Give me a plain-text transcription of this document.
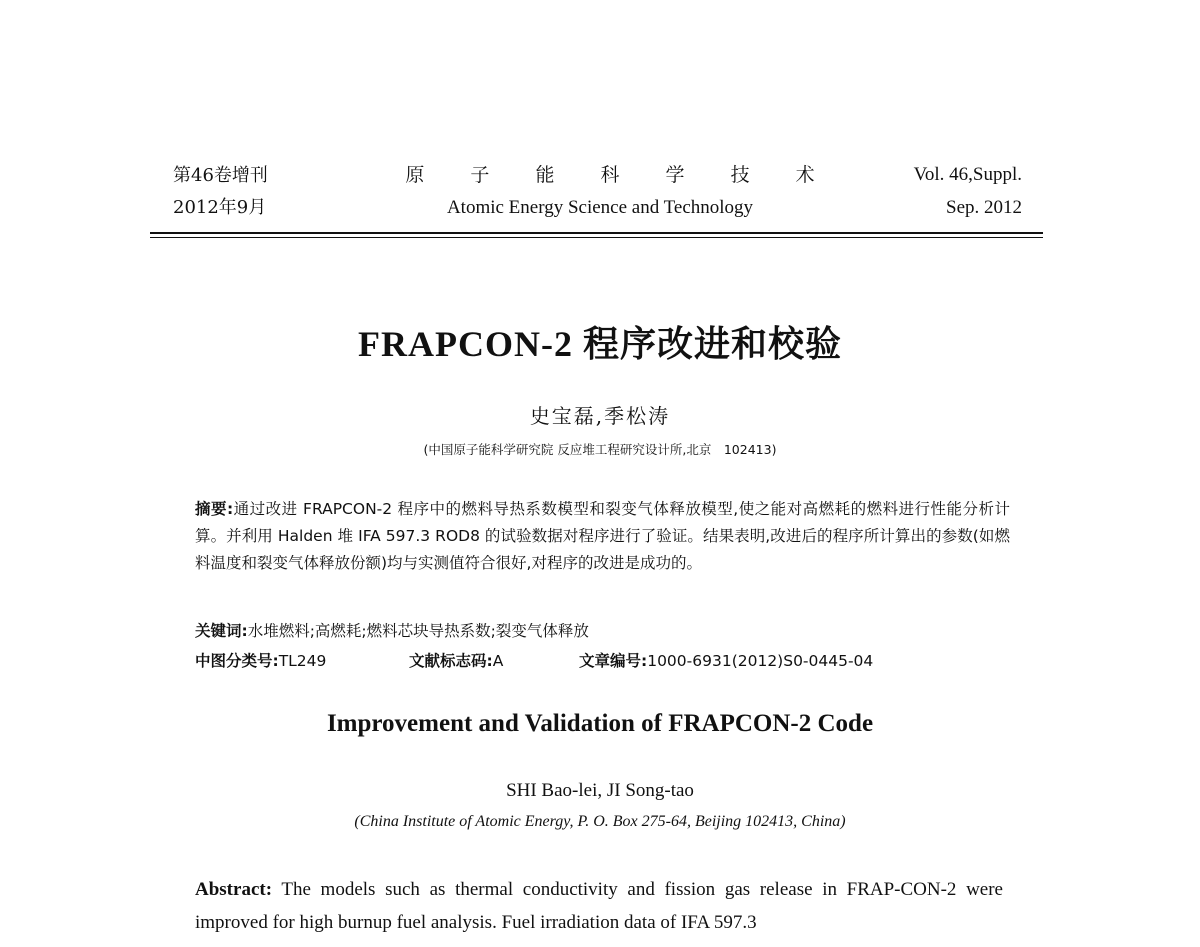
第46卷增刊
2012年9月
原 子 能 科 学 技 术
Atomic Energy Science and Technology
Vol. 46,Suppl.
Sep. 2012
FRAPCON-2 程序改进和校验
史宝磊,季松涛
(中国原子能科学研究院 反应堆工程研究设计所,北京　102413)
摘要:通过改进 FRAPCON-2 程序中的燃料导热系数模型和裂变气体释放模型,使之能对高燃耗的燃料进行性能分析计算。并利用 Halden 堆 IFA 597.3 ROD8 的试验数据对程序进行了验证。结果表明,改进后的程序所计算出的参数(如燃料温度和裂变气体释放份额)均与实测值符合很好,对程序的改进是成功的。
关键词:水堆燃料;高燃耗;燃料芯块导热系数;裂变气体释放
中图分类号:TL249	文献标志码:A	文章编号:1000-6931(2012)S0-0445-04
Improvement and Validation of FRAPCON-2 Code
SHI Bao-lei, JI Song-tao
(China Institute of Atomic Energy, P. O. Box 275-64, Beijing 102413, China)
Abstract: The models such as thermal conductivity and fission gas release in FRAP-CON-2 were improved for high burnup fuel analysis. Fuel irradiation data of IFA 597.3
